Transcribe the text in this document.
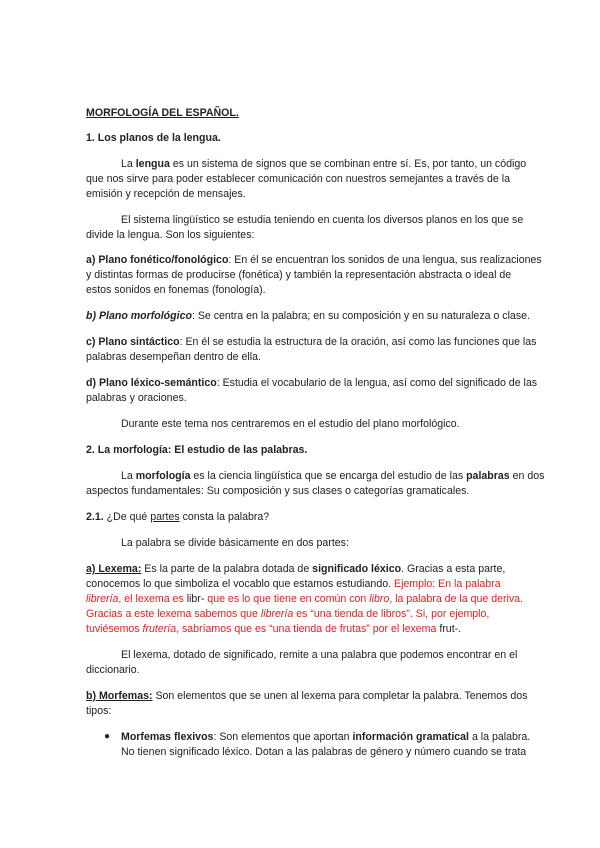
MORFOLOGÍA DEL ESPAÑOL.
1. Los planos de la lengua.
La lengua es un sistema de signos que se combinan entre sí. Es, por tanto, un código
que nos sirve para poder establecer comunicación con nuestros semejantes a través de la
emisión y recepción de mensajes.
El sistema lingüístico se estudia teniendo en cuenta los diversos planos en los que se
divide la lengua. Son los siguientes:
a) Plano fonético/fonológico: En él se encuentran los sonidos de una lengua, sus realizaciones
y distintas formas de producirse (fonética) y también la representación abstracta o ideal de
estos sonidos en fonemas (fonología).
b) Plano morfológico: Se centra en la palabra; en su composición y en su naturaleza o clase.
c) Plano sintáctico: En él se estudia la estructura de la oración, así como las funciones que las
palabras desempeñan dentro de ella.
d) Plano léxico-semántico: Estudia el vocabulario de la lengua, así como del significado de las
palabras y oraciones.
Durante este tema nos centraremos en el estudio del plano morfológico.
2. La morfología: El estudio de las palabras.
La morfología es la ciencia lingüística que se encarga del estudio de las palabras en dos
aspectos fundamentales: Su composición y sus clases o categorías gramaticales.
2.1. ¿De qué partes consta la palabra?
La palabra se divide básicamente en dos partes:
a) Lexema: Es la parte de la palabra dotada de significado léxico. Gracias a esta parte,
conocemos lo que simboliza el vocablo que estamos estudiando. Ejemplo: En la palabra
librería, el lexema es libr- que es lo que tiene en común con libro, la palabra de la que deriva.
Gracias a este lexema sabemos que librería es “una tienda de libros”. Si, por ejemplo,
tuviésemos frutería, sabríamos que es “una tienda de frutas” por el lexema frut-.
El lexema, dotado de significado, remite a una palabra que podemos encontrar en el
diccionario.
b) Morfemas: Son elementos que se unen al lexema para completar la palabra. Tenemos dos
tipos:
● Morfemas flexivos: Son elementos que aportan información gramatical a la palabra.
No tienen significado léxico. Dotan a las palabras de género y número cuando se trata
